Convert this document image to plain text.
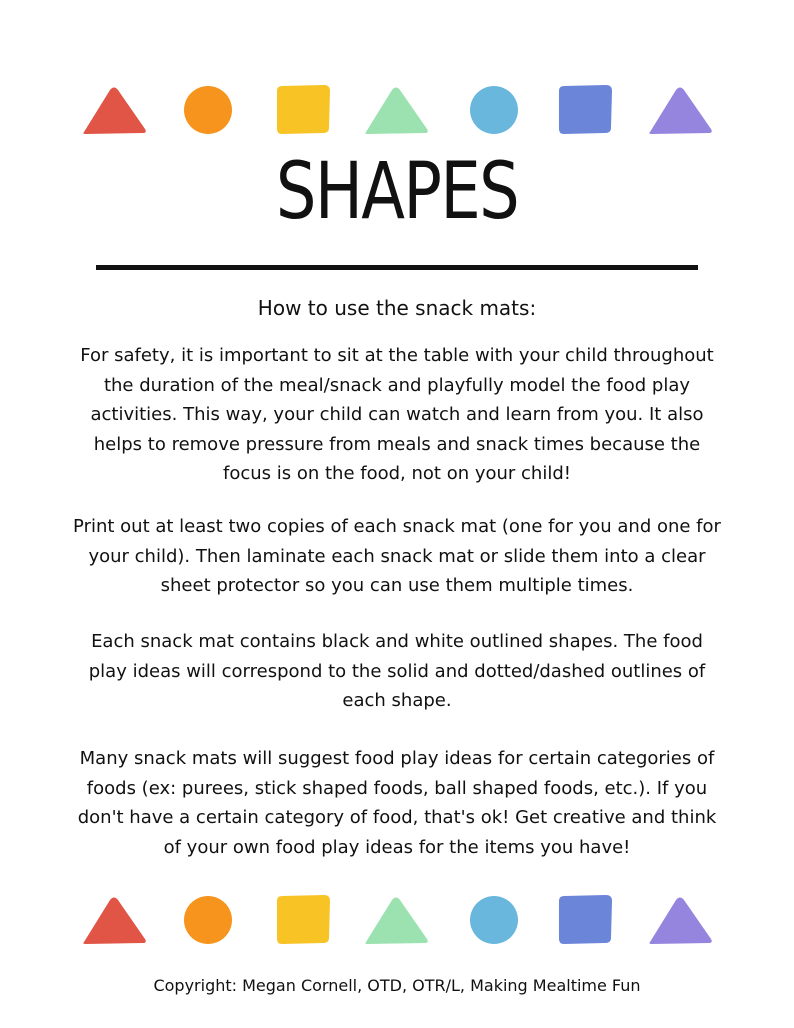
SHAPES
How to use the snack mats:

For safety, it is important to sit at the table with your child throughout the duration of the meal/snack and playfully model the food play activities. This way, your child can watch and learn from you. It also helps to remove pressure from meals and snack times because the focus is on the food, not on your child!

Print out at least two copies of each snack mat (one for you and one for your child). Then laminate each snack mat or slide them into a clear sheet protector so you can use them multiple times.

Each snack mat contains black and white outlined shapes. The food play ideas will correspond to the solid and dotted/dashed outlines of each shape.

Many snack mats will suggest food play ideas for certain categories of foods (ex: purees, stick shaped foods, ball shaped foods, etc.). If you don't have a certain category of food, that's ok! Get creative and think of your own food play ideas for the items you have!

Copyright: Megan Cornell, OTD, OTR/L, Making Mealtime Fun
